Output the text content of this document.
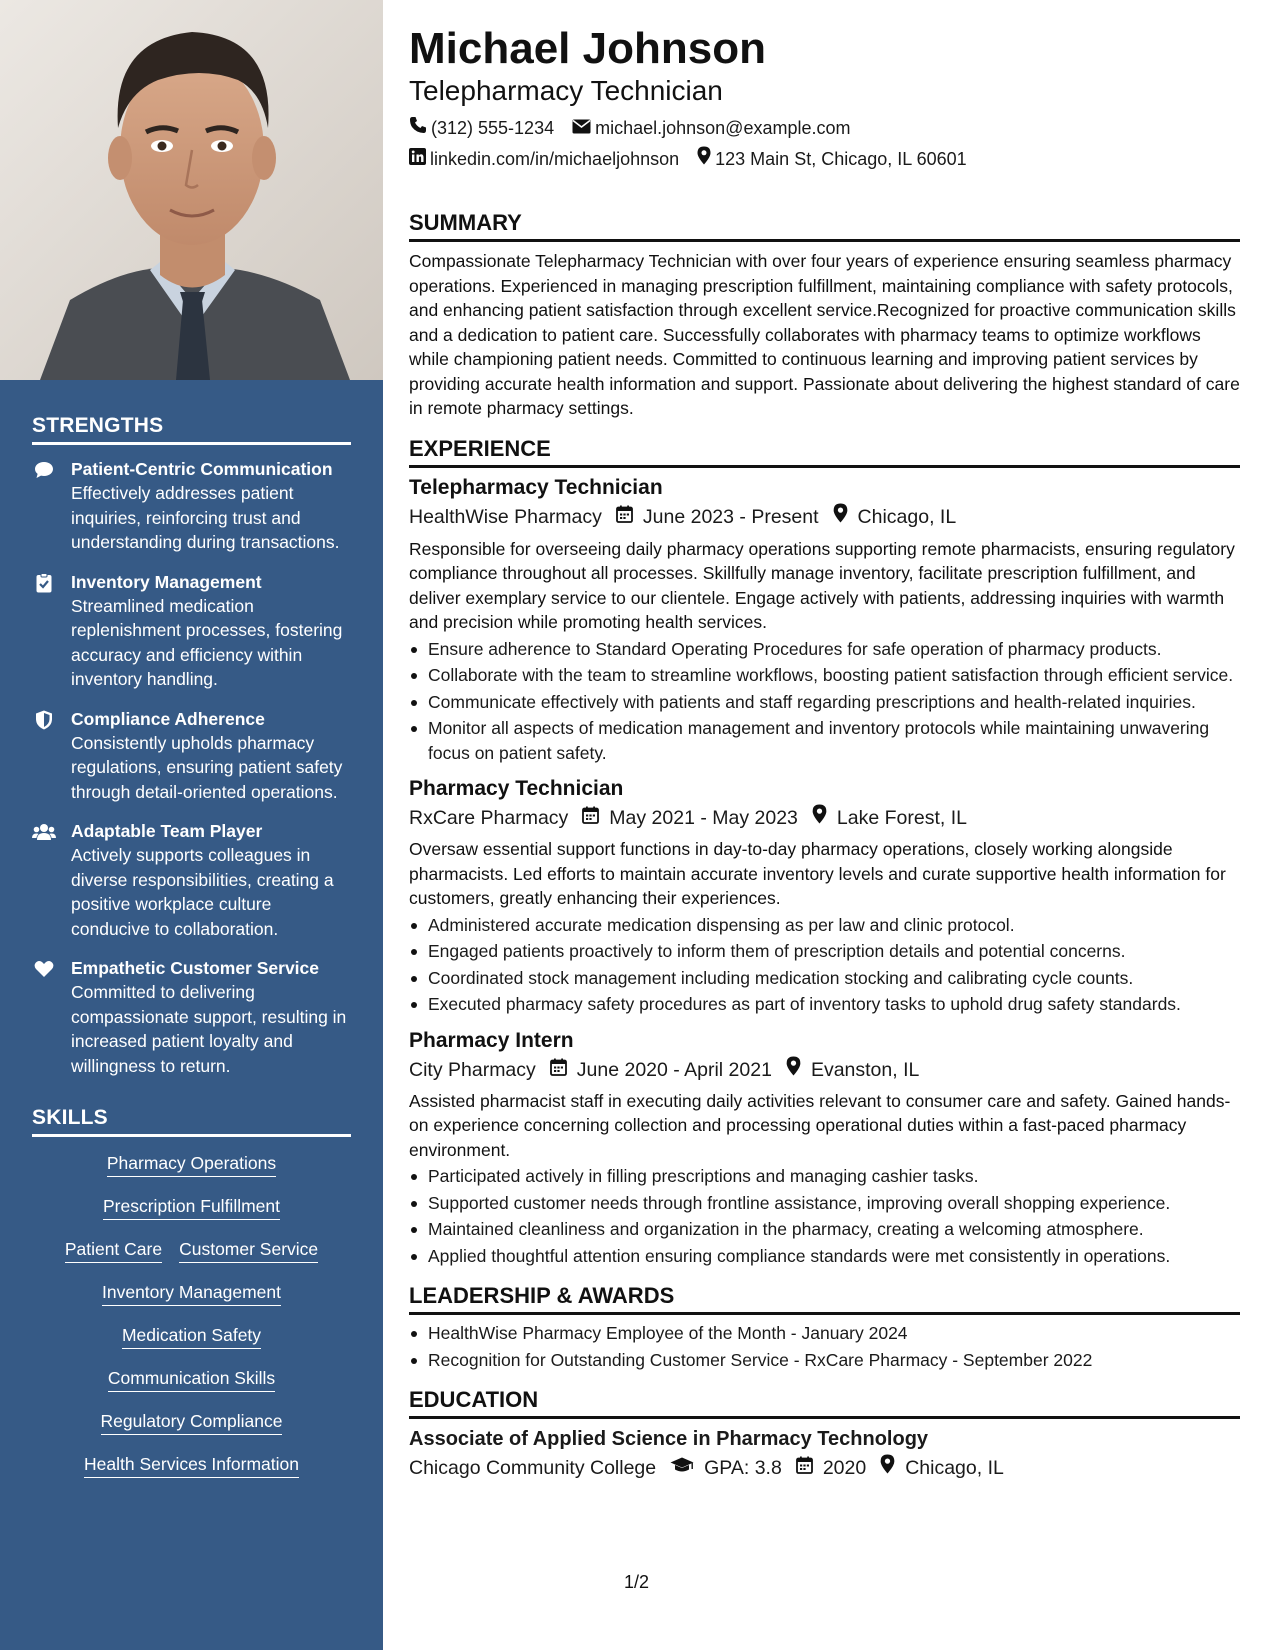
STRENGTHS
Patient-Centric Communication
Effectively addresses patient inquiries, reinforcing trust and understanding during transactions.
Inventory Management
Streamlined medication replenishment processes, fostering accuracy and efficiency within inventory handling.
Compliance Adherence
Consistently upholds pharmacy regulations, ensuring patient safety through detail-oriented operations.
Adaptable Team Player
Actively supports colleagues in diverse responsibilities, creating a positive workplace culture conducive to collaboration.
Empathetic Customer Service
Committed to delivering compassionate support, resulting in increased patient loyalty and willingness to return.
SKILLS
Pharmacy Operations
Prescription Fulfillment
Patient Care Customer Service
Inventory Management
Medication Safety
Communication Skills
Regulatory Compliance
Health Services Information
Michael Johnson
Telepharmacy Technician
(312) 555-1234 michael.johnson@example.com
linkedin.com/in/michaeljohnson 123 Main St, Chicago, IL 60601
SUMMARY
Compassionate Telepharmacy Technician with over four years of experience ensuring seamless pharmacy operations. Experienced in managing prescription fulfillment, maintaining compliance with safety protocols, and enhancing patient satisfaction through excellent service.Recognized for proactive communication skills and a dedication to patient care. Successfully collaborates with pharmacy teams to optimize workflows while championing patient needs. Committed to continuous learning and improving patient services by providing accurate health information and support. Passionate about delivering the highest standard of care in remote pharmacy settings.
EXPERIENCE
Telepharmacy Technician
HealthWise Pharmacy June 2023 - Present Chicago, IL
Responsible for overseeing daily pharmacy operations supporting remote pharmacists, ensuring regulatory compliance throughout all processes. Skillfully manage inventory, facilitate prescription fulfillment, and deliver exemplary service to our clientele. Engage actively with patients, addressing inquiries with warmth and precision while promoting health services.
Ensure adherence to Standard Operating Procedures for safe operation of pharmacy products.
Collaborate with the team to streamline workflows, boosting patient satisfaction through efficient service.
Communicate effectively with patients and staff regarding prescriptions and health-related inquiries.
Monitor all aspects of medication management and inventory protocols while maintaining unwavering focus on patient safety.
Pharmacy Technician
RxCare Pharmacy May 2021 - May 2023 Lake Forest, IL
Oversaw essential support functions in day-to-day pharmacy operations, closely working alongside pharmacists. Led efforts to maintain accurate inventory levels and curate supportive health information for customers, greatly enhancing their experiences.
Administered accurate medication dispensing as per law and clinic protocol.
Engaged patients proactively to inform them of prescription details and potential concerns.
Coordinated stock management including medication stocking and calibrating cycle counts.
Executed pharmacy safety procedures as part of inventory tasks to uphold drug safety standards.
Pharmacy Intern
City Pharmacy June 2020 - April 2021 Evanston, IL
Assisted pharmacist staff in executing daily activities relevant to consumer care and safety. Gained hands-on experience concerning collection and processing operational duties within a fast-paced pharmacy environment.
Participated actively in filling prescriptions and managing cashier tasks.
Supported customer needs through frontline assistance, improving overall shopping experience.
Maintained cleanliness and organization in the pharmacy, creating a welcoming atmosphere.
Applied thoughtful attention ensuring compliance standards were met consistently in operations.
LEADERSHIP & AWARDS
HealthWise Pharmacy Employee of the Month - January 2024
Recognition for Outstanding Customer Service - RxCare Pharmacy - September 2022
EDUCATION
Associate of Applied Science in Pharmacy Technology
Chicago Community College GPA: 3.8 2020 Chicago, IL
1/2
